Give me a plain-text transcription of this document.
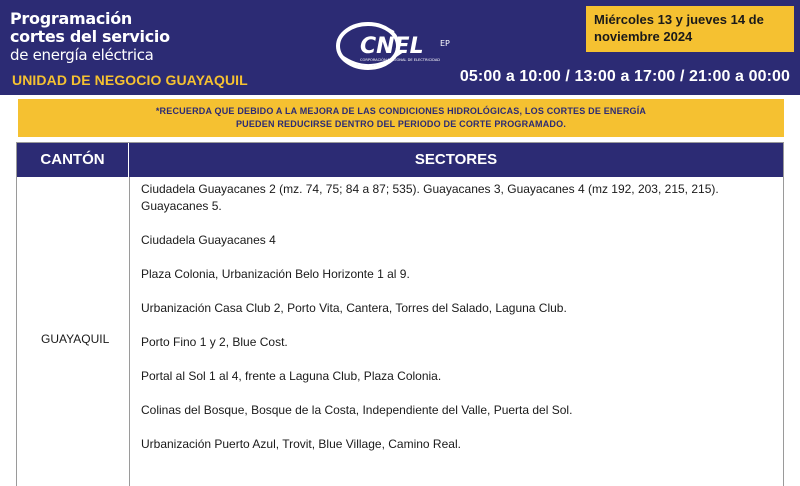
Programación
cortes del servicio
de energía eléctrica
UNIDAD DE NEGOCIO GUAYAQUIL
CNEL EP
CORPORACIÓN NACIONAL DE ELECTRICIDAD
Miércoles 13 y jueves 14 de
noviembre 2024
05:00 a 10:00 / 13:00 a 17:00 / 21:00 a 00:00
*RECUERDA QUE DEBIDO A LA MEJORA DE LAS CONDICIONES HIDROLÓGICAS, LOS CORTES DE ENERGÍA
PUEDEN REDUCIRSE DENTRO DEL PERIODO DE CORTE PROGRAMADO.
CANTÓN	SECTORES
GUAYAQUIL
Ciudadela Guayacanes 2 (mz. 74, 75; 84 a 87; 535). Guayacanes 3, Guayacanes 4 (mz 192, 203, 215, 215). Guayacanes 5.
Ciudadela Guayacanes 4
Plaza Colonia, Urbanización Belo Horizonte 1 al 9.
Urbanización Casa Club 2, Porto Vita, Cantera, Torres del Salado, Laguna Club.
Porto Fino 1 y 2, Blue Cost.
Portal al Sol 1 al 4, frente a Laguna Club, Plaza Colonia.
Colinas del Bosque, Bosque de la Costa, Independiente del Valle, Puerta del Sol.
Urbanización Puerto Azul, Trovit, Blue Village, Camino Real.
